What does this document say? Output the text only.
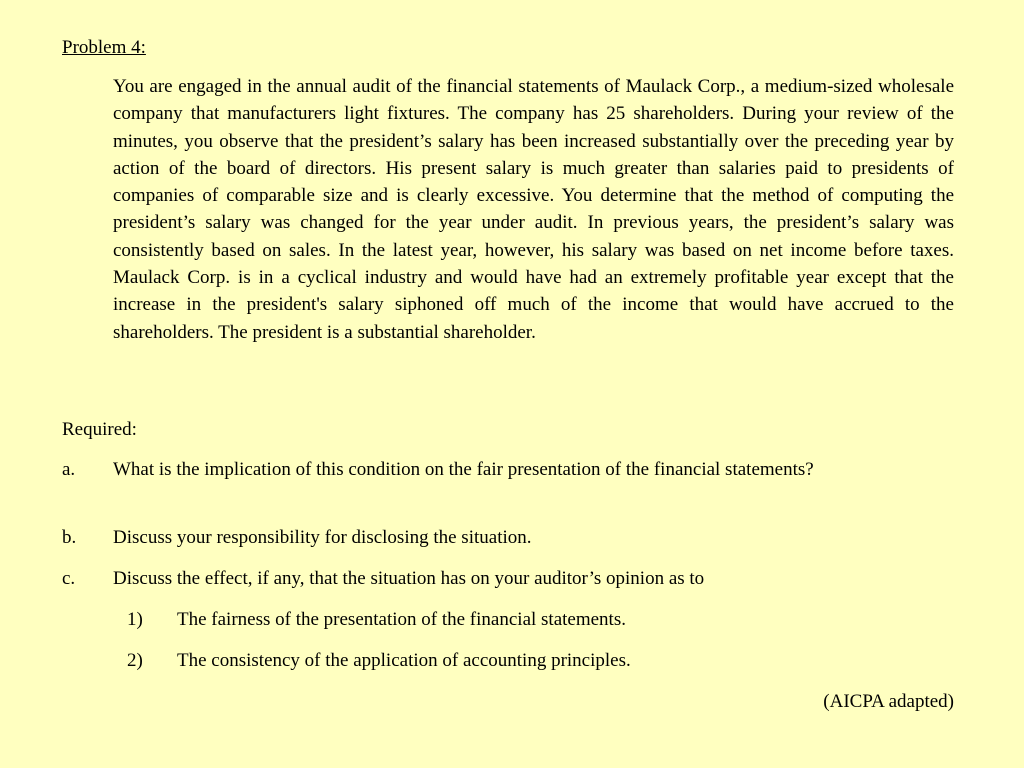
Problem 4:
You are engaged in the annual audit of the financial statements of Maulack Corp., a medium-sized wholesale company that manufacturers light fixtures. The company has 25 shareholders. During your review of the minutes, you observe that the president’s salary has been increased substantially over the preceding year by action of the board of directors. His present salary is much greater than salaries paid to presidents of companies of comparable size and is clearly excessive. You determine that the method of computing the president’s salary was changed for the year under audit. In previous years, the president’s salary was consistently based on sales. In the latest year, however, his salary was based on net income before taxes. Maulack Corp. is in a cyclical industry and would have had an extremely profitable year except that the increase in the president's salary siphoned off much of the income that would have accrued to the shareholders. The president is a substantial shareholder.
Required:
a. What is the implication of this condition on the fair presentation of the financial statements?
b. Discuss your responsibility for disclosing the situation.
c. Discuss the effect, if any, that the situation has on your auditor’s opinion as to
1) The fairness of the presentation of the financial statements.
2) The consistency of the application of accounting principles.
(AICPA adapted)
